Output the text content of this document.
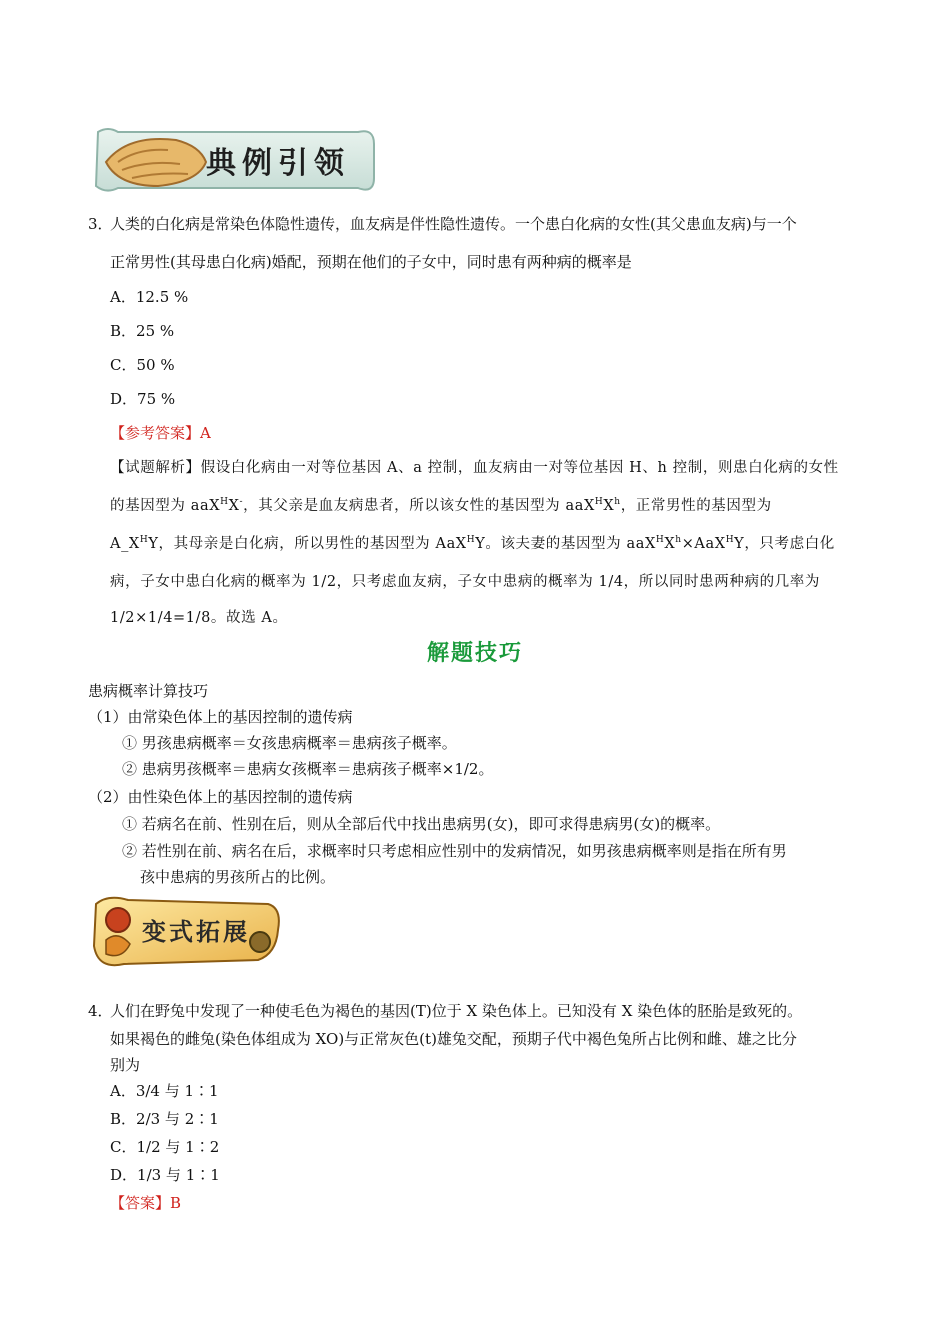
典例引领
3．
人类的白化病是常染色体隐性遗传，血友病是伴性隐性遗传。一个患白化病的女性(其父患血友病)与一个
正常男性(其母患白化病)婚配，预期在他们的子女中，同时患有两种病的概率是
A．12.5 %
B．25 %
C．50 %
D．75 %
【参考答案】A
【试题解析】假设白化病由一对等位基因 A、a 控制，血友病由一对等位基因 H、h 控制，则患白化病的女性
的基因型为 aaX$^H$X-，其父亲是血友病患者，所以该女性的基因型为 $aaX^HX^h$，正常男性的基因型为
$A\_X^HY$，其母亲是白化病，所以男性的基因型为 AaX$^H$Y。该夫妻的基因型为 $aaX^HX^h\times AaX^HY$，只考虑白化
病，子女中患白化病的概率为 1/2，只考虑血友病，子女中患病的概率为 1/4，所以同时患两种病的几率为
1/2×1/4=1/8。故选 A。
解题技巧
患病概率计算技巧
（1）由常染色体上的基因控制的遗传病
① 男孩患病概率＝女孩患病概率＝患病孩子概率。
② 患病男孩概率＝患病女孩概率＝患病孩子概率×1/2。
（2）由性染色体上的基因控制的遗传病
① 若病名在前、性别在后，则从全部后代中找出患病男(女)，即可求得患病男(女)的概率。
② 若性别在前、病名在后，求概率时只考虑相应性别中的发病情况，如男孩患病概率则是指在所有男
孩中患病的男孩所占的比例。
变式拓展
4．
人们在野兔中发现了一种使毛色为褐色的基因(T)位于 X 染色体上。已知没有 X 染色体的胚胎是致死的。
如果褐色的雌兔(染色体组成为 XO)与正常灰色(t)雄兔交配，预期子代中褐色兔所占比例和雌、雄之比分
别为
A．3/4 与 1∶1
B．2/3 与 2∶1
C．1/2 与 1∶2
D．1/3 与 1∶1
【答案】B
